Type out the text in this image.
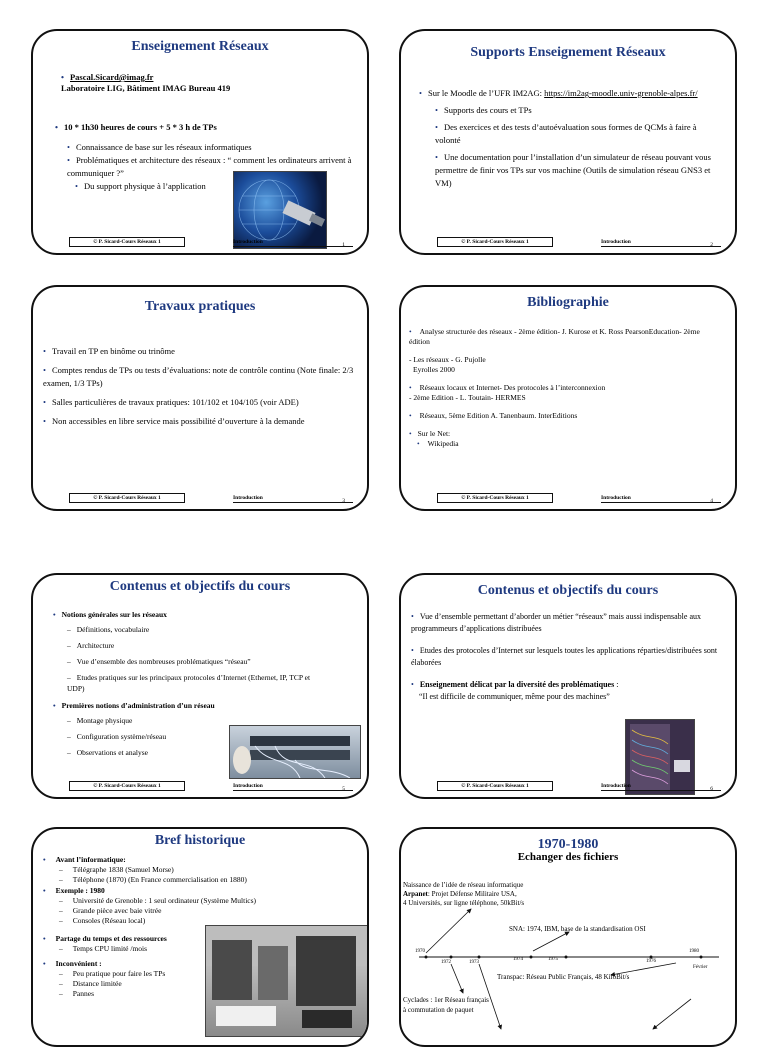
Enseignement Réseaux
• Pascal.Sicard@imag.fr
Laboratoire LIG, Bâtiment IMAG Bureau 419
• 10 * 1h30 heures de cours + 5 * 3 h de TPs
• Connaissance de base sur les réseaux informatiques
• Problématiques et architecture des réseaux : “ comment les ordinateurs arrivent à communiquer ?”
• Du support physique à l’application
© P. Sicard-Cours Réseaux 1	Introduction	1
Supports Enseignement Réseaux
• Sur le Moodle de l’UFR IM2AG: https://im2ag-moodle.univ-grenoble-alpes.fr/
• Supports des cours et TPs
• Des exercices et des tests d’autoévaluation sous formes de QCMs à faire à volonté
• Une documentation pour l’installation d’un simulateur de réseau pouvant vous permettre de finir vos TPs sur vos machine (Outils de simulation réseau GNS3 et VM)
© P. Sicard-Cours Réseaux 1	Introduction	2
Travaux pratiques
• Travail en TP en binôme ou trinôme
• Comptes rendus de TPs ou tests d’évaluations: note de contrôle continu (Note finale: 2/3 examen, 1/3 TPs)
• Salles particulières de travaux pratiques: 101/102 et 104/105 (voir ADE)
• Non accessibles en libre service mais possibilité d’ouverture à la demande
© P. Sicard-Cours Réseaux 1	Introduction	3
Bibliographie
• Analyse structurée des réseaux - 2ème édition- J. Kurose et K. Ross PearsonEducation- 2ème édition
- Les réseaux - G. Pujolle
Eyrolles 2000
• Réseaux locaux et Internet- Des protocoles à l’interconnexion
- 2ème Edition - L. Toutain- HERMES
• Réseaux, 5ème Edition A. Tanenbaum. InterEditions
• Sur le Net:
• Wikipedia
© P. Sicard-Cours Réseaux 1	Introduction	4
Contenus et objectifs du cours
• Notions générales sur les réseaux
– Définitions, vocabulaire
– Architecture
– Vue d’ensemble des nombreuses problématiques “réseau”
– Etudes pratiques sur les principaux protocoles d’Internet (Ethernet, IP, TCP et UDP)
• Premières notions d’administration d’un réseau
– Montage physique
– Configuration système/réseau
– Observations et analyse
© P. Sicard-Cours Réseaux 1	Introduction	5
Contenus et objectifs du cours
• Vue d’ensemble permettant d’aborder un métier “réseaux” mais aussi indispensable aux programmeurs d’applications distribuées
• Etudes des protocoles d’Internet sur lesquels toutes les applications réparties/distribuées sont élaborées
• Enseignement délicat par la diversité des problématiques :
“Il est difficile de communiquer, même pour des machines”
© P. Sicard-Cours Réseaux 1	Introduction	6
Bref historique
• Avant l’informatique:
– Télégraphe 1838 (Samuel Morse)
– Téléphone (1870) (En France commercialisation en 1880)
• Exemple : 1980
– Université de Grenoble : 1 seul ordinateur (Système Multics)
– Grande pièce avec baie vitrée
– Consoles (Réseau local)
• Partage du temps et des ressources
– Temps CPU limité /mois
• Inconvénient :
– Peu pratique pour faire les TPs
– Distance limitée
– Pannes
1970-1980
Echanger des fichiers
Naissance de l’idée de réseau informatique
Arpanet: Projet Défense Militaire USA,
4 Universités, sur ligne téléphone, 50kBit/s
SNA: 1974, IBM, base de la standardisation OSI
1970
1972	1973
1974	1975	1976
1980
Février
Transpac: Réseau Public Français, 48 KiloBit/s
Cyclades : 1er Réseau français
à commutation de paquet
